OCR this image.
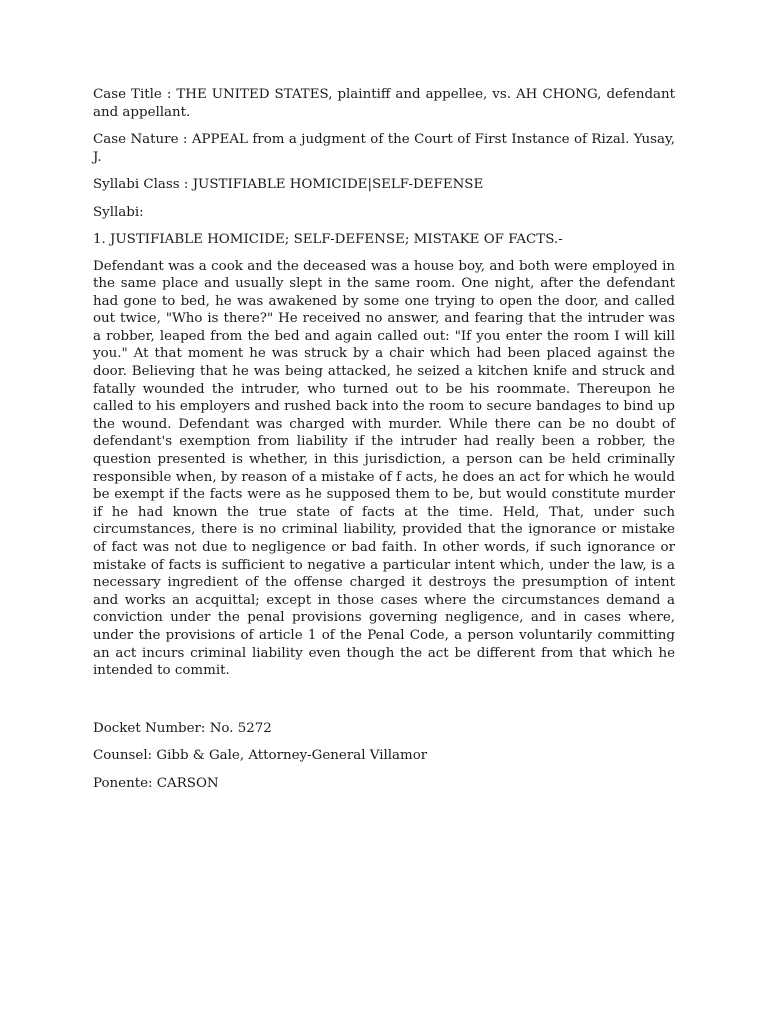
Case Title : THE UNITED STATES, plaintiff and appellee, vs. AH CHONG, defendant and appellant.

Case Nature : APPEAL from a judgment of the Court of First Instance of Rizal. Yusay, J.

Syllabi Class : JUSTIFIABLE HOMICIDE|SELF-DEFENSE

Syllabi:

1. JUSTIFIABLE HOMICIDE; SELF-DEFENSE; MISTAKE OF FACTS.-

Defendant was a cook and the deceased was a house boy, and both were employed in the same place and usually slept in the same room. One night, after the defendant had gone to bed, he was awakened by some one trying to open the door, and called out twice, "Who is there?" He received no answer, and fearing that the intruder was a robber, leaped from the bed and again called out: "If you enter the room I will kill you." At that moment he was struck by a chair which had been placed against the door. Believing that he was being attacked, he seized a kitchen knife and struck and fatally wounded the intruder, who turned out to be his roommate. Thereupon he called to his employers and rushed back into the room to secure bandages to bind up the wound. Defendant was charged with murder. While there can be no doubt of defendant's exemption from liability if the intruder had really been a robber, the question presented is whether, in this jurisdiction, a person can be held criminally responsible when, by reason of a mistake of f acts, he does an act for which he would be exempt if the facts were as he supposed them to be, but would constitute murder if he had known the true state of facts at the time. Held, That, under such circumstances, there is no criminal liability, provided that the ignorance or mistake of fact was not due to negligence or bad faith. In other words, if such ignorance or mistake of facts is sufficient to negative a particular intent which, under the law, is a necessary ingredient of the offense charged it destroys the presumption of intent and works an acquittal; except in those cases where the circumstances demand a conviction under the penal provisions governing negligence, and in cases where, under the provisions of article 1 of the Penal Code, a person voluntarily committing an act incurs criminal liability even though the act be different from that which he intended to commit.

Docket Number: No. 5272

Counsel: Gibb & Gale, Attorney-General Villamor

Ponente: CARSON
